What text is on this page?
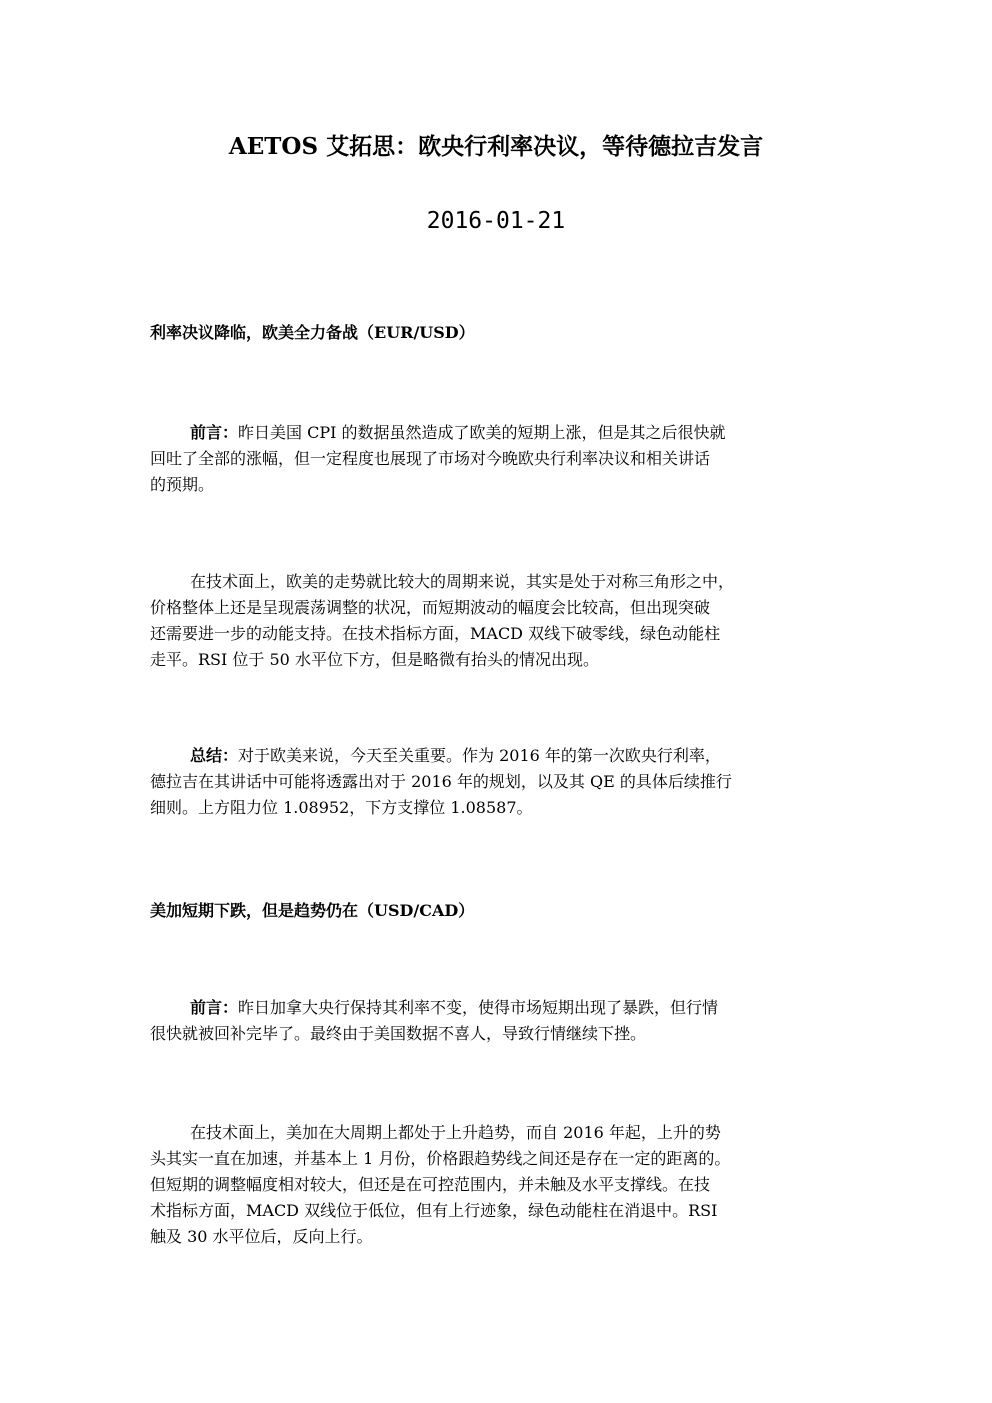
AETOS 艾拓思：欧央行利率决议，等待德拉吉发言
2016-01-21
利率决议降临，欧美全力备战（EUR/USD）
前言：昨日美国 CPI 的数据虽然造成了欧美的短期上涨，但是其之后很快就
回吐了全部的涨幅，但一定程度也展现了市场对今晚欧央行利率决议和相关讲话
的预期。
在技术面上，欧美的走势就比较大的周期来说，其实是处于对称三角形之中，
价格整体上还是呈现震荡调整的状况，而短期波动的幅度会比较高，但出现突破
还需要进一步的动能支持。在技术指标方面，MACD 双线下破零线，绿色动能柱
走平。RSI 位于 50 水平位下方，但是略微有抬头的情况出现。
总结：对于欧美来说，今天至关重要。作为 2016 年的第一次欧央行利率，
德拉吉在其讲话中可能将透露出对于 2016 年的规划，以及其 QE 的具体后续推行
细则。上方阻力位 1.08952，下方支撑位 1.08587。
美加短期下跌，但是趋势仍在（USD/CAD）
前言：昨日加拿大央行保持其利率不变，使得市场短期出现了暴跌，但行情
很快就被回补完毕了。最终由于美国数据不喜人，导致行情继续下挫。
在技术面上，美加在大周期上都处于上升趋势，而自 2016 年起，上升的势
头其实一直在加速，并基本上 1 月份，价格跟趋势线之间还是存在一定的距离的。
但短期的调整幅度相对较大，但还是在可控范围内，并未触及水平支撑线。在技
术指标方面，MACD 双线位于低位，但有上行迹象，绿色动能柱在消退中。RSI
触及 30 水平位后，反向上行。
